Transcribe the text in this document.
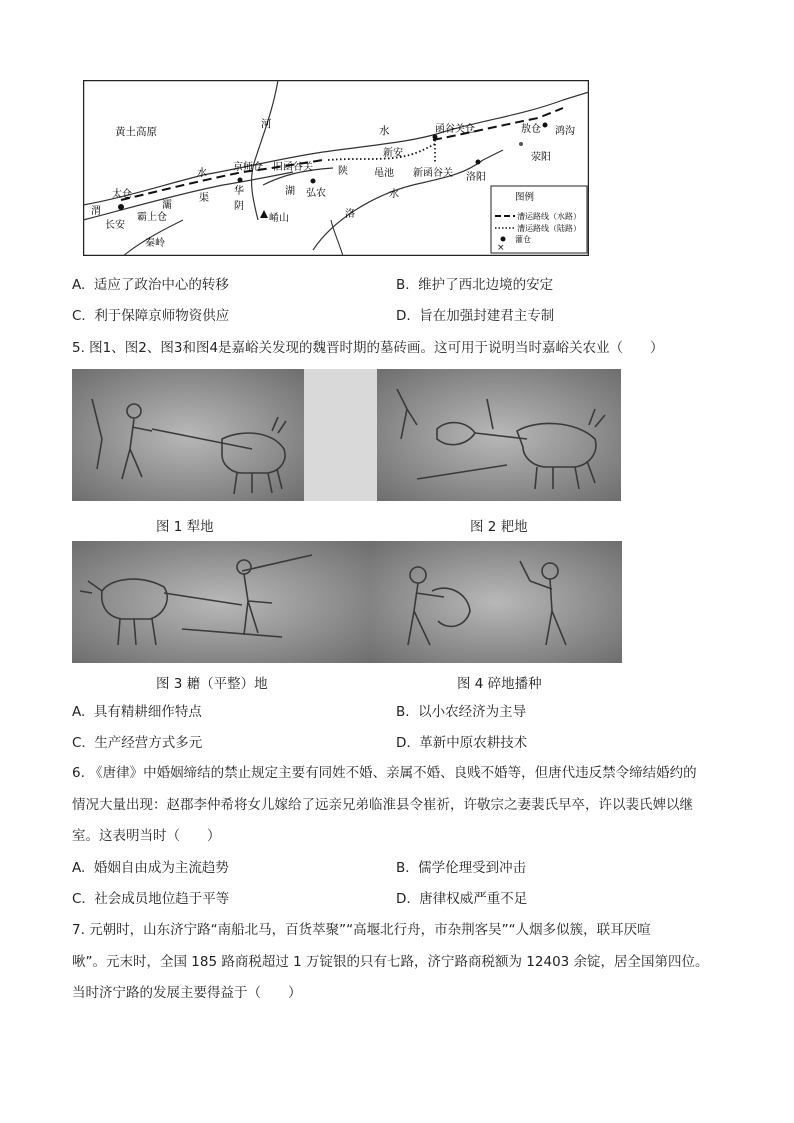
×
黄土高原
河
水	函谷关仓	敖仓 鸿沟
荥阳
京师仓 旧函谷关	陕
新安
黾池 新函谷关 洛阳
水
渠
华
阴
湖 弘农	水
太仓
渭
长安
灞
霸上仓	崤山	洛
秦岭
图例
漕运路线（水路）
漕运路线（陆路）
灌仓
A. 适应了政治中心的转移	B. 维护了西北边境的安定
C. 利于保障京师物资供应	D. 旨在加强封建君主专制
5. 图1、图2、图3和图4是嘉峪关发现的魏晋时期的墓砖画。这可用于说明当时嘉峪关农业（　　）
图 1 犁地	图 2 耙地
图 3 耱（平整）地	图 4 碎地播种
A. 具有精耕细作特点	B. 以小农经济为主导
C. 生产经营方式多元	D. 革新中原农耕技术
6. 《唐律》中婚姻缔结的禁止规定主要有同姓不婚、亲属不婚、良贱不婚等，但唐代违反禁令缔结婚约的
情况大量出现：赵郡李仲希将女儿嫁给了远亲兄弟临淮县令崔祈，许敬宗之妻裴氏早卒，许以裴氏婢以继
室。这表明当时（　　）
A. 婚姻自由成为主流趋势	B. 儒学伦理受到冲击
C. 社会成员地位趋于平等	D. 唐律权威严重不足
7. 元朝时，山东济宁路“南船北马，百货萃聚”“高堰北行舟，市杂荆客吴”“人烟多似簇，联耳厌喧
啾”。元末时，全国 185 路商税超过 1 万锭银的只有七路，济宁路商税额为 12403 余锭，居全国第四位。
当时济宁路的发展主要得益于（　　）
